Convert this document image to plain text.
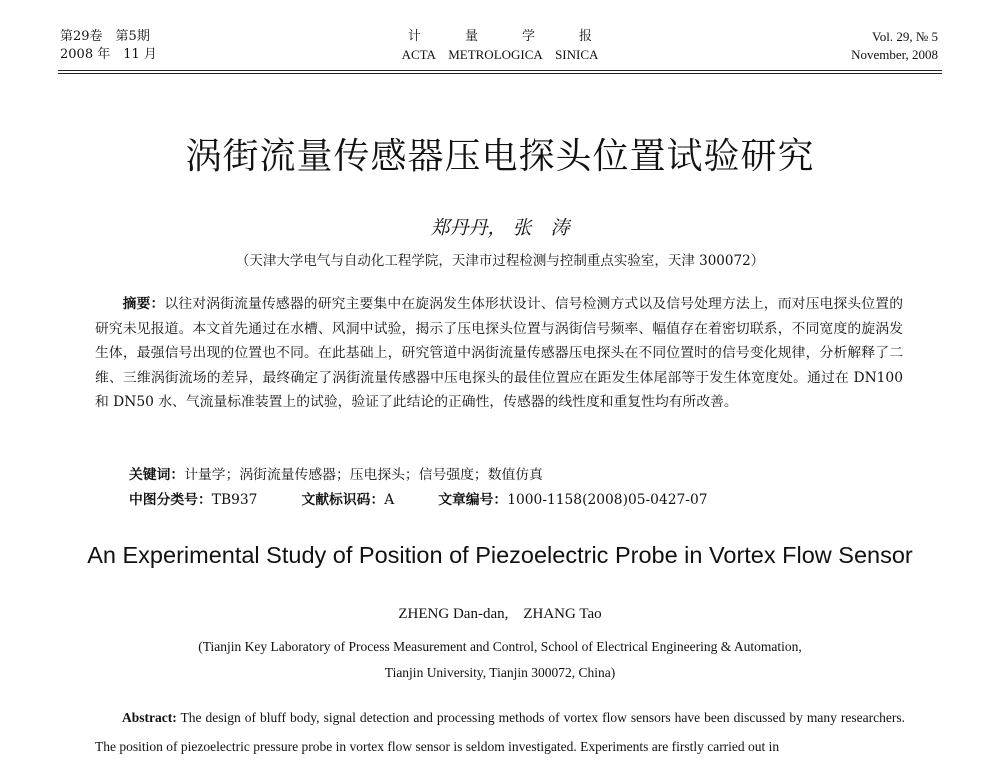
第29卷　第5期
2008 年　11 月
计	量	学	报
ACTA　METROLOGICA　SINICA
Vol. 29, № 5
November, 2008
涡街流量传感器压电探头位置试验研究
郑丹丹， 张　涛
（天津大学电气与自动化工程学院，天津市过程检测与控制重点实验室，天津 300072）
摘要：以往对涡街流量传感器的研究主要集中在旋涡发生体形状设计、信号检测方式以及信号处理方法上，而对压电探头位置的研究未见报道。本文首先通过在水槽、风洞中试验，揭示了压电探头位置与涡街信号频率、幅值存在着密切联系，不同宽度的旋涡发生体，最强信号出现的位置也不同。在此基础上，研究管道中涡街流量传感器压电探头在不同位置时的信号变化规律，分析解释了二维、三维涡街流场的差异，最终确定了涡街流量传感器中压电探头的最佳位置应在距发生体尾部等于发生体宽度处。通过在 DN100 和 DN50 水、气流量标准装置上的试验，验证了此结论的正确性，传感器的线性度和重复性均有所改善。
关键词：计量学；涡街流量传感器；压电探头；信号强度；数值仿真
中图分类号：TB937	文献标识码：A	文章编号：1000-1158(2008)05-0427-07
An Experimental Study of Position of Piezoelectric Probe in Vortex Flow Sensor
ZHENG Dan-dan,　ZHANG Tao
(Tianjin Key Laboratory of Process Measurement and Control, School of Electrical Engineering & Automation,
Tianjin University, Tianjin 300072, China)
Abstract: The design of bluff body, signal detection and processing methods of vortex flow sensors have been discussed by many researchers. The position of piezoelectric pressure probe in vortex flow sensor is seldom investigated. Experiments are firstly carried out in
